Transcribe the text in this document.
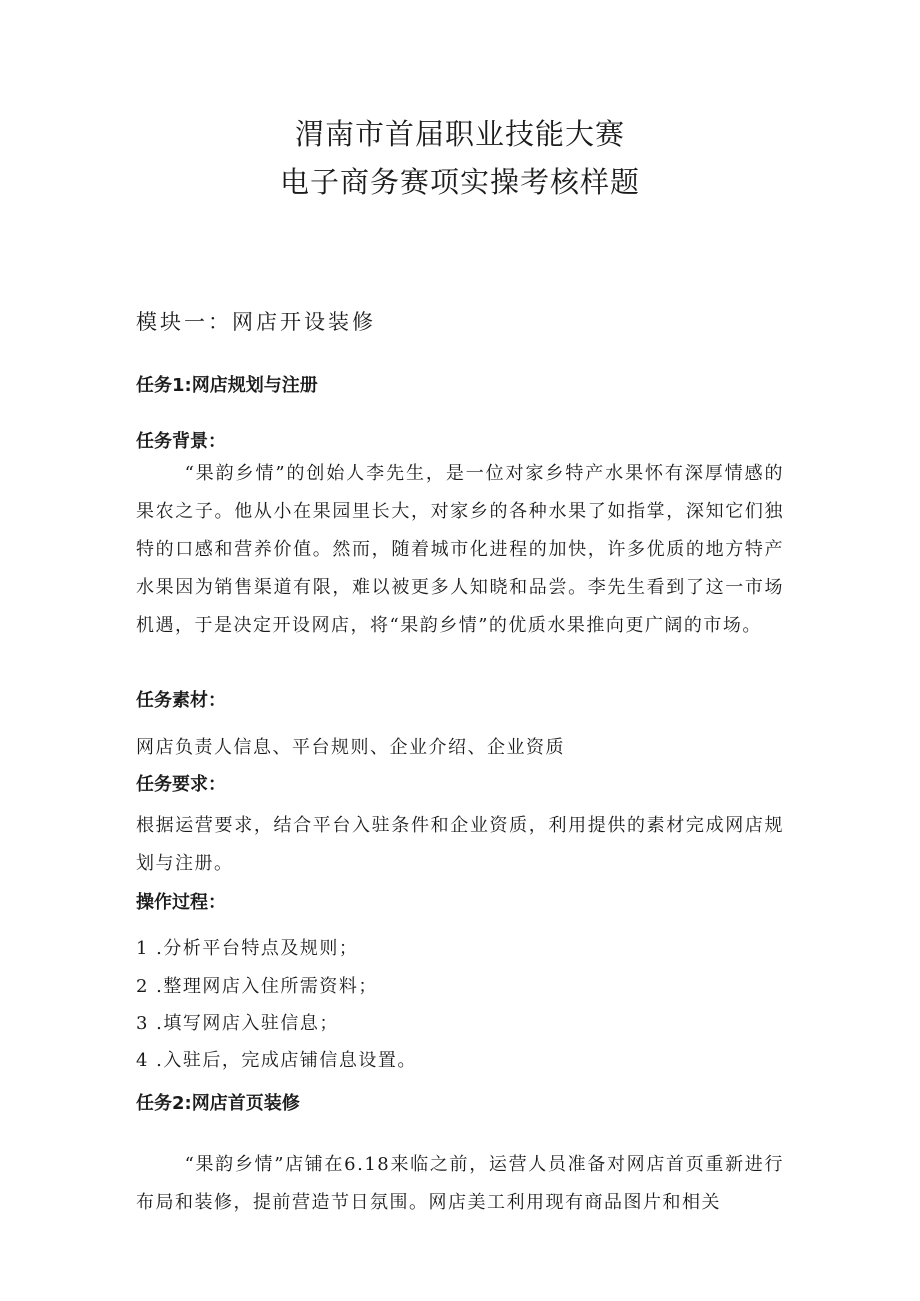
渭南市首届职业技能大赛
电子商务赛项实操考核样题
模块一：网店开设装修
任务1:网店规划与注册
任务背景：
“果韵乡情”的创始人李先生，是一位对家乡特产水果怀有深厚情感的果农之子。他从小在果园里长大，对家乡的各种水果了如指掌，深知它们独特的口感和营养价值。然而，随着城市化进程的加快，许多优质的地方特产水果因为销售渠道有限，难以被更多人知晓和品尝。李先生看到了这一市场机遇，于是决定开设网店，将“果韵乡情”的优质水果推向更广阔的市场。
任务素材：
网店负责人信息、平台规则、企业介绍、企业资质
任务要求：
根据运营要求，结合平台入驻条件和企业资质，利用提供的素材完成网店规划与注册。
操作过程：
1 .分析平台特点及规则；
2 .整理网店入住所需资料；
3 .填写网店入驻信息；
4 .入驻后，完成店铺信息设置。
任务2:网店首页装修
“果韵乡情”店铺在6.18来临之前，运营人员准备对网店首页重新进行布局和装修，提前营造节日氛围。网店美工利用现有商品图片和相关
